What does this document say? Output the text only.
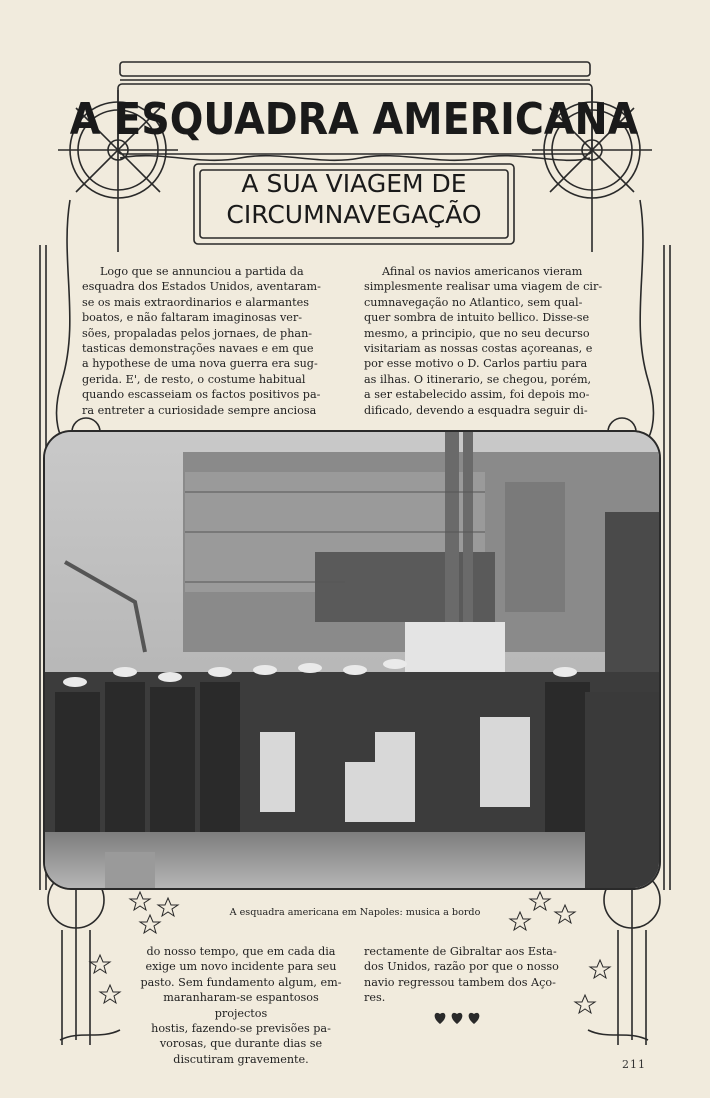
A ESQUADRA AMERICANA
A SUA VIAGEM DE
CIRCUMNAVEGAÇÃO

Logo que se annunciou a partida da

esquadra dos Estados Unidos, aventaram-
se os mais extraordinarios e alarmantes
boatos, e não faltaram imaginosas ver-
sões, propaladas pelos jornaes, de phan-
tasticas demonstrações navaes e em que
a hypothese de uma nova guerra era sug-
gerida. E', de resto, o costume habitual
quando escasseiam os factos positivos pa-
ra entreter a curiosidade sempre anciosa

Afinal os navios americanos vieram

simplesmente realisar uma viagem de cir-
cumnavegação no Atlantico, sem qual-
quer sombra de intuito bellico. Disse-se
mesmo, a principio, que no seu decurso
visitariam as nossas costas açoreanas, e
por esse motivo o D. Carlos partiu para
as ilhas. O itinerario, se chegou, porém,
a ser estabelecido assim, foi depois mo-
dificado, devendo a esquadra seguir di-
A esquadra americana em Napoles: musica a bordo
do nosso tempo, que em cada dia
exige um novo incidente para seu
pasto. Sem fundamento algum, em-
maranharam-se espantosos projectos
hostis, fazendo-se previsões pa-
vorosas, que durante dias se
discutiram gravemente.
rectamente de Gibraltar aos Esta-
dos Unidos, razão por que o nosso
navio regressou tambem dos Aço-
res.
211
